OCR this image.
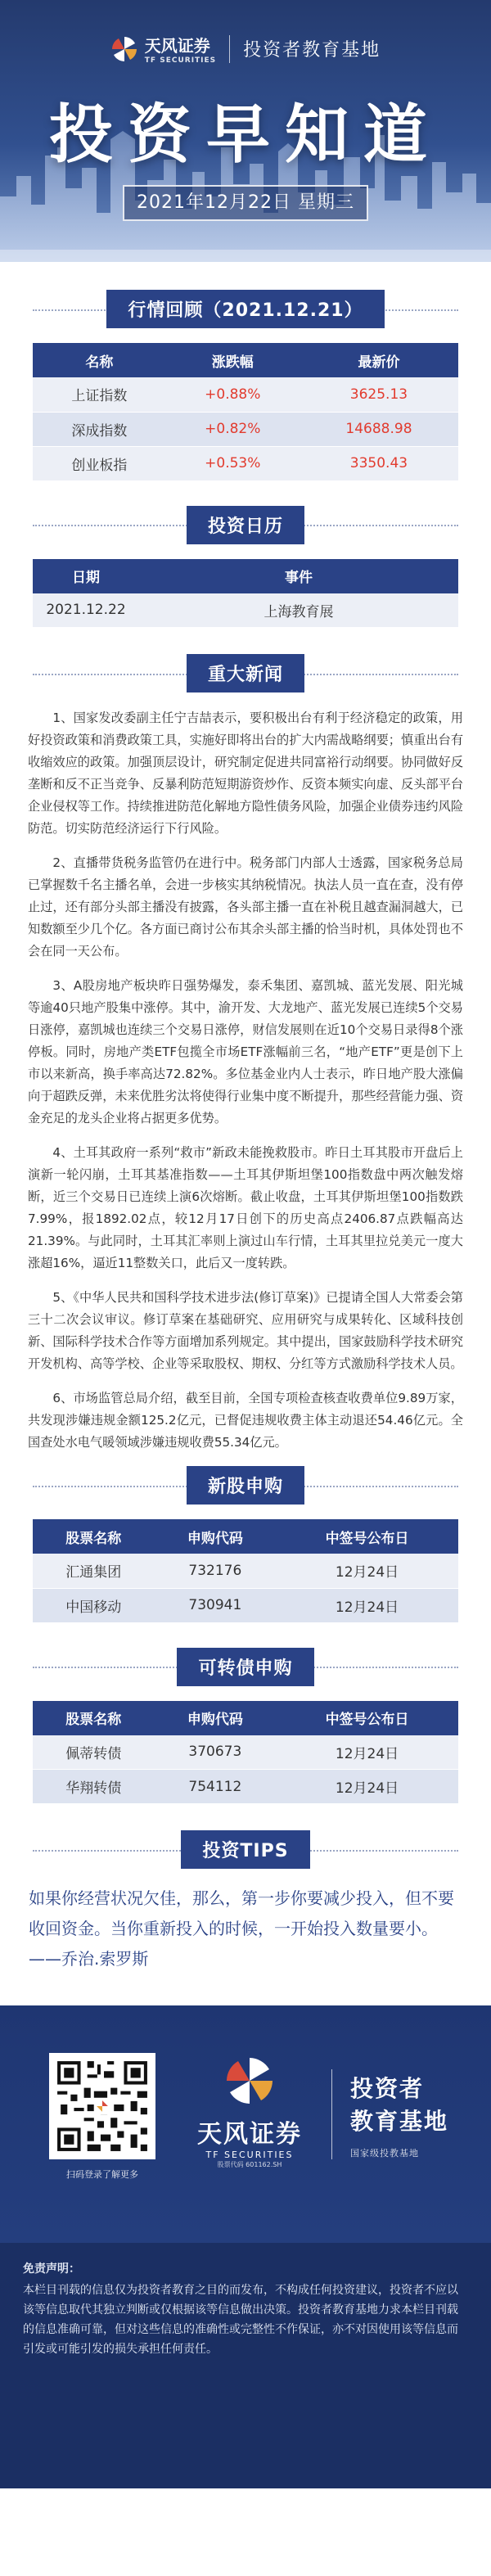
天风证券
TF SECURITIES 投资者教育基地
投资早知道
2021年12月22日 星期三
行情回顾（2021.12.21）
名称	涨跌幅	最新价
上证指数	+0.88%	3625.13
深成指数	+0.82%	14688.98
创业板指	+0.53%	3350.43
投资日历
日期	事件
2021.12.22	上海教育展
重大新闻

1、国家发改委副主任宁吉喆表示，要积极出台有利于经济稳定的政策，用好投资政策和消费政策工具，实施好即将出台的扩大内需战略纲要；慎重出台有收缩效应的政策。加强顶层设计，研究制定促进共同富裕行动纲要。协同做好反垄断和反不正当竞争、反暴利防范短期游资炒作、反资本频实向虚、反头部平台企业侵权等工作。持续推进防范化解地方隐性债务风险，加强企业债券违约风险防范。切实防范经济运行下行风险。

2、直播带货税务监管仍在进行中。税务部门内部人士透露，国家税务总局已掌握数千名主播名单，会进一步核实其纳税情况。执法人员一直在查，没有停止过，还有部分头部主播没有披露，各头部主播一直在补税且越查漏洞越大，已知数额至少几个亿。各方面已商讨公布其余头部主播的恰当时机，具体处罚也不会在同一天公布。

3、A股房地产板块昨日强势爆发，泰禾集团、嘉凯城、蓝光发展、阳光城等逾40只地产股集中涨停。其中，渝开发、大龙地产、蓝光发展已连续5个交易日涨停，嘉凯城也连续三个交易日涨停，财信发展则在近10个交易日录得8个涨停板。同时，房地产类ETF包揽全市场ETF涨幅前三名，“地产ETF”更是创下上市以来新高，换手率高达72.82%。多位基金业内人士表示，昨日地产股大涨偏向于超跌反弹，未来优胜劣汰将使得行业集中度不断提升，那些经营能力强、资金充足的龙头企业将占据更多优势。

4、土耳其政府一系列“救市”新政未能挽救股市。昨日土耳其股市开盘后上演新一轮闪崩，土耳其基准指数——土耳其伊斯坦堡100指数盘中两次触发熔断，近三个交易日已连续上演6次熔断。截止收盘，土耳其伊斯坦堡100指数跌7.99%，报1892.02点，较12月17日创下的历史高点2406.87点跌幅高达21.39%。与此同时，土耳其汇率则上演过山车行情，土耳其里拉兑美元一度大涨超16%，逼近11整数关口，此后又一度转跌。

5、《中华人民共和国科学技术进步法(修订草案)》已提请全国人大常委会第三十二次会议审议。修订草案在基础研究、应用研究与成果转化、区域科技创新、国际科学技术合作等方面增加系列规定。其中提出，国家鼓励科学技术研究开发机构、高等学校、企业等采取股权、期权、分红等方式激励科学技术人员。

6、市场监管总局介绍，截至目前，全国专项检查核查收费单位9.89万家，共发现涉嫌违规金额125.2亿元，已督促违规收费主体主动退还54.46亿元。全国查处水电气暖领域涉嫌违规收费55.34亿元。

新股申购
股票名称	申购代码	中签号公布日
汇通集团	732176	12月24日
中国移动	730941	12月24日
可转债申购
股票名称	申购代码	中签号公布日
佩蒂转债	370673	12月24日
华翔转债	754112	12月24日
投资TIPS
如果你经营状况欠佳，那么，第一步你要减少投入，但不要收回资金。当你重新投入的时候，一开始投入数量要小。——乔治.索罗斯
扫码登录了解更多
天风证券
TF SECURITIES
股票代码 601162.SH
投资者
教育基地
国家级投教基地
免责声明：
本栏目刊载的信息仅为投资者教育之目的而发布，不构成任何投资建议，投资者不应以该等信息取代其独立判断或仅根据该等信息做出决策。投资者教育基地力求本栏目刊载的信息准确可靠，但对这些信息的准确性或完整性不作保证，亦不对因使用该等信息而引发或可能引发的损失承担任何责任。
